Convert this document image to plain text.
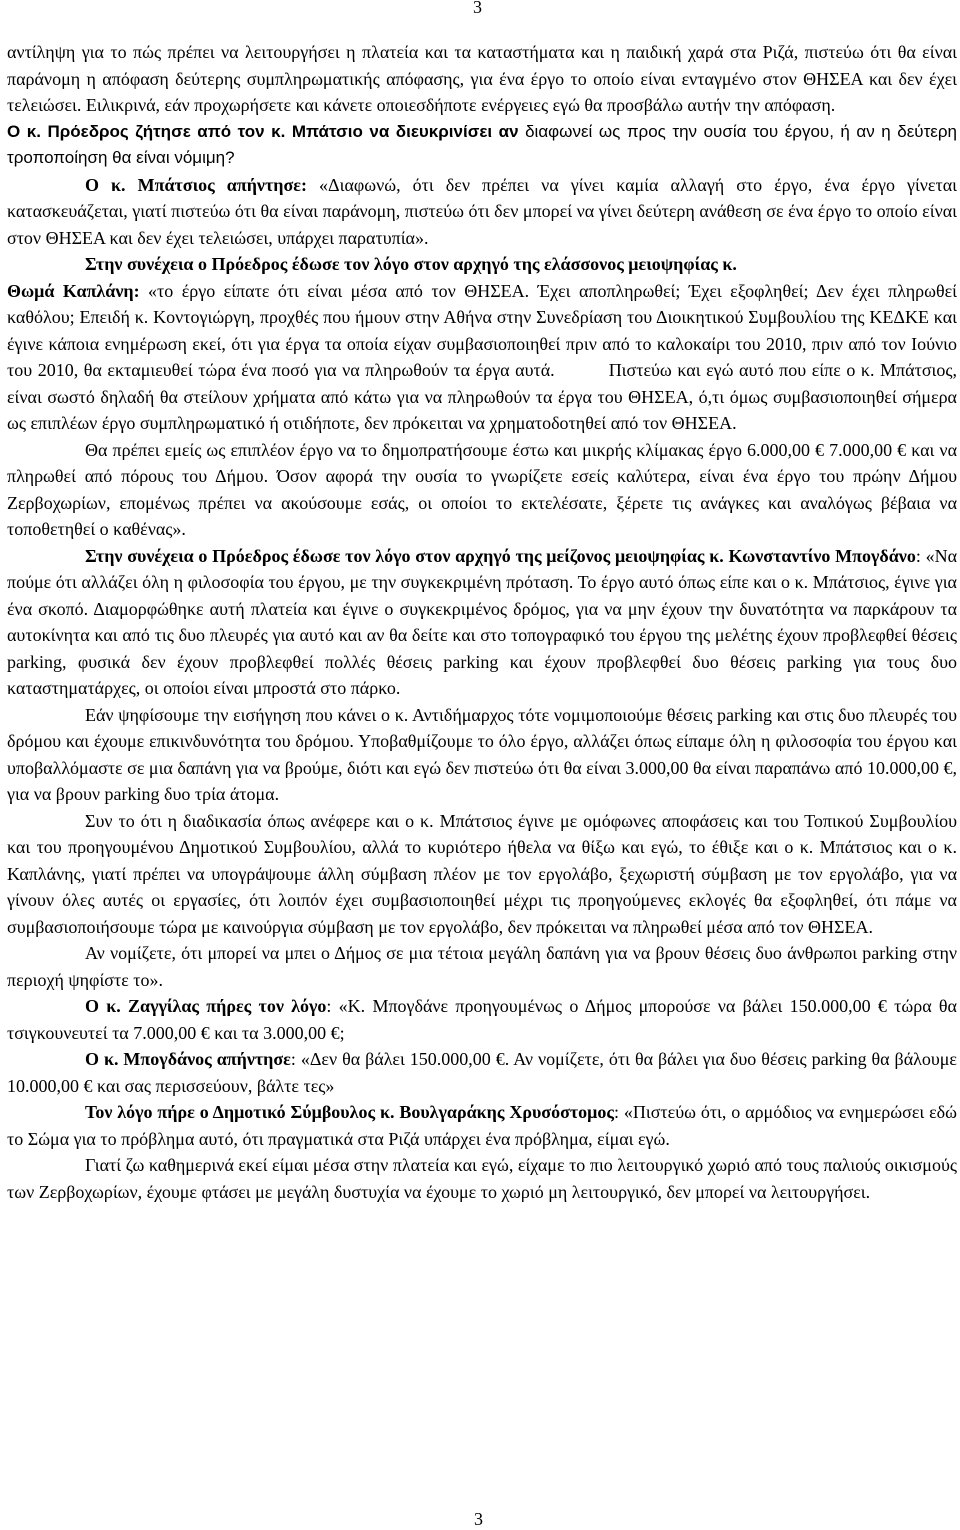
3

αντίληψη για το πώς πρέπει να λειτουργήσει η πλατεία και τα καταστήματα και η παιδική χαρά στα Ριζά, πιστεύω ότι θα είναι παράνομη η απόφαση δεύτερης συμπληρωματικής απόφασης, για ένα έργο το οποίο είναι ενταγμένο στον ΘΗΣΕΑ και δεν έχει τελειώσει. Ειλικρινά, εάν προχωρήσετε και κάνετε οποιεσδήποτε ενέργειες εγώ θα προσβάλω αυτήν την απόφαση.

Ο κ. Πρόεδρος ζήτησε από τον κ. Μπάτσιο να διευκρινίσει αν διαφωνεί ως προς την ουσία του έργου, ή αν η δεύτερη τροποποίηση θα είναι νόμιμη?

Ο κ. Μπάτσιος απήντησε: «Διαφωνώ, ότι δεν πρέπει να γίνει καμία αλλαγή στο έργο, ένα έργο γίνεται κατασκευάζεται, γιατί πιστεύω ότι θα είναι παράνομη, πιστεύω ότι δεν μπορεί να γίνει δεύτερη ανάθεση σε ένα έργο το οποίο είναι στον ΘΗΣΕΑ και δεν έχει τελειώσει, υπάρχει παρατυπία».

Στην συνέχεια ο Πρόεδρος έδωσε τον λόγο στον αρχηγό της ελάσσονος μειοψηφίας κ.

Θωμά Καπλάνη: «το έργο είπατε ότι είναι μέσα από τον ΘΗΣΕΑ. Έχει αποπληρωθεί; Έχει εξοφληθεί; Δεν έχει πληρωθεί καθόλου; Επειδή κ. Κοντογιώργη, προχθές που ήμουν στην Αθήνα στην Συνεδρίαση του Διοικητικού Συμβουλίου της ΚΕΔΚΕ και έγινε κάποια ενημέρωση εκεί, ότι για έργα τα οποία είχαν συμβασιοποιηθεί πριν από το καλοκαίρι του 2010, πριν από τον Ιούνιο του 2010, θα εκταμιευθεί τώρα ένα ποσό για να πληρωθούν τα έργα αυτά.	Πιστεύω και εγώ αυτό που είπε ο κ. Μπάτσιος, είναι σωστό δηλαδή θα στείλουν χρήματα από κάτω για να πληρωθούν τα έργα του ΘΗΣΕΑ, ό,τι όμως συμβασιοποιηθεί σήμερα ως επιπλέων έργο συμπληρωματικό ή οτιδήποτε, δεν πρόκειται να χρηματοδοτηθεί από τον ΘΗΣΕΑ.

Θα πρέπει εμείς ως επιπλέον έργο να το δημοπρατήσουμε έστω και μικρής κλίμακας έργο 6.000,00 € 7.000,00 € και να πληρωθεί από πόρους του Δήμου. Όσον αφορά την ουσία το γνωρίζετε εσείς καλύτερα, είναι ένα έργο του πρώην Δήμου Ζερβοχωρίων, επομένως πρέπει να ακούσουμε εσάς, οι οποίοι το εκτελέσατε, ξέρετε τις ανάγκες και αναλόγως βέβαια να τοποθετηθεί ο καθένας».

Στην συνέχεια ο Πρόεδρος έδωσε τον λόγο στον αρχηγό της μείζονος μειοψηφίας κ. Κωνσταντίνο Μπογδάνο: «Να πούμε ότι αλλάζει όλη η φιλοσοφία του έργου, με την συγκεκριμένη πρόταση. Το έργο αυτό όπως είπε και ο κ. Μπάτσιος, έγινε για ένα σκοπό. Διαμορφώθηκε αυτή πλατεία και έγινε ο συγκεκριμένος δρόμος, για να μην έχουν την δυνατότητα να παρκάρουν τα αυτοκίνητα και από τις δυο πλευρές για αυτό και αν θα δείτε και στο τοπογραφικό του έργου της μελέτης έχουν προβλεφθεί θέσεις parking, φυσικά δεν έχουν προβλεφθεί πολλές θέσεις parking και έχουν προβλεφθεί δυο θέσεις parking για τους δυο καταστηματάρχες, οι οποίοι είναι μπροστά στο πάρκο.

Εάν ψηφίσουμε την εισήγηση που κάνει ο κ. Αντιδήμαρχος τότε νομιμοποιούμε θέσεις parking και στις δυο πλευρές του δρόμου και έχουμε επικινδυνότητα του δρόμου. Υποβαθμίζουμε το όλο έργο, αλλάζει όπως είπαμε όλη η φιλοσοφία του έργου και υποβαλλόμαστε σε μια δαπάνη για να βρούμε, διότι και εγώ δεν πιστεύω ότι θα είναι 3.000,00 θα είναι παραπάνω από 10.000,00 €, για να βρουν parking δυο τρία άτομα.

Συν το ότι η διαδικασία όπως ανέφερε και ο κ. Μπάτσιος έγινε με ομόφωνες αποφάσεις και του Τοπικού Συμβουλίου και του προηγουμένου Δημοτικού Συμβουλίου, αλλά το κυριότερο ήθελα να θίξω και εγώ, το έθιξε και ο κ. Μπάτσιος και ο κ. Καπλάνης, γιατί πρέπει να υπογράψουμε άλλη σύμβαση πλέον με τον εργολάβο, ξεχωριστή σύμβαση με τον εργολάβο, για να γίνουν όλες αυτές οι εργασίες, ότι λοιπόν έχει συμβασιοποιηθεί μέχρι τις προηγούμενες εκλογές θα εξοφληθεί, ότι πάμε να συμβασιοποιήσουμε τώρα με καινούργια σύμβαση με τον εργολάβο, δεν πρόκειται να πληρωθεί μέσα από τον ΘΗΣΕΑ.

Αν νομίζετε, ότι μπορεί να μπει ο Δήμος σε μια τέτοια μεγάλη δαπάνη για να βρουν θέσεις δυο άνθρωποι parking στην περιοχή ψηφίστε το».

Ο κ. Ζαγγίλας πήρες τον λόγο: «Κ. Μπογδάνε προηγουμένως ο Δήμος μπορούσε να βάλει 150.000,00 € τώρα θα τσιγκουνευτεί τα 7.000,00 € και τα 3.000,00 €;

Ο κ. Μπογδάνος απήντησε: «Δεν θα βάλει 150.000,00 €. Αν νομίζετε, ότι θα βάλει για δυο θέσεις parking θα βάλουμε 10.000,00 € και σας περισσεύουν, βάλτε τες»

Τον λόγο πήρε ο Δημοτικό Σύμβουλος κ. Βουλγαράκης Χρυσόστομος: «Πιστεύω ότι, ο αρμόδιος να ενημερώσει εδώ το Σώμα για το πρόβλημα αυτό, ότι πραγματικά στα Ριζά υπάρχει ένα πρόβλημα, είμαι εγώ.

Γιατί ζω καθημερινά εκεί είμαι μέσα στην πλατεία και εγώ, είχαμε το πιο λειτουργικό χωριό από τους παλιούς οικισμούς των Ζερβοχωρίων, έχουμε φτάσει με μεγάλη δυστυχία να έχουμε το χωριό μη λειτουργικό, δεν μπορεί να λειτουργήσει.

3
